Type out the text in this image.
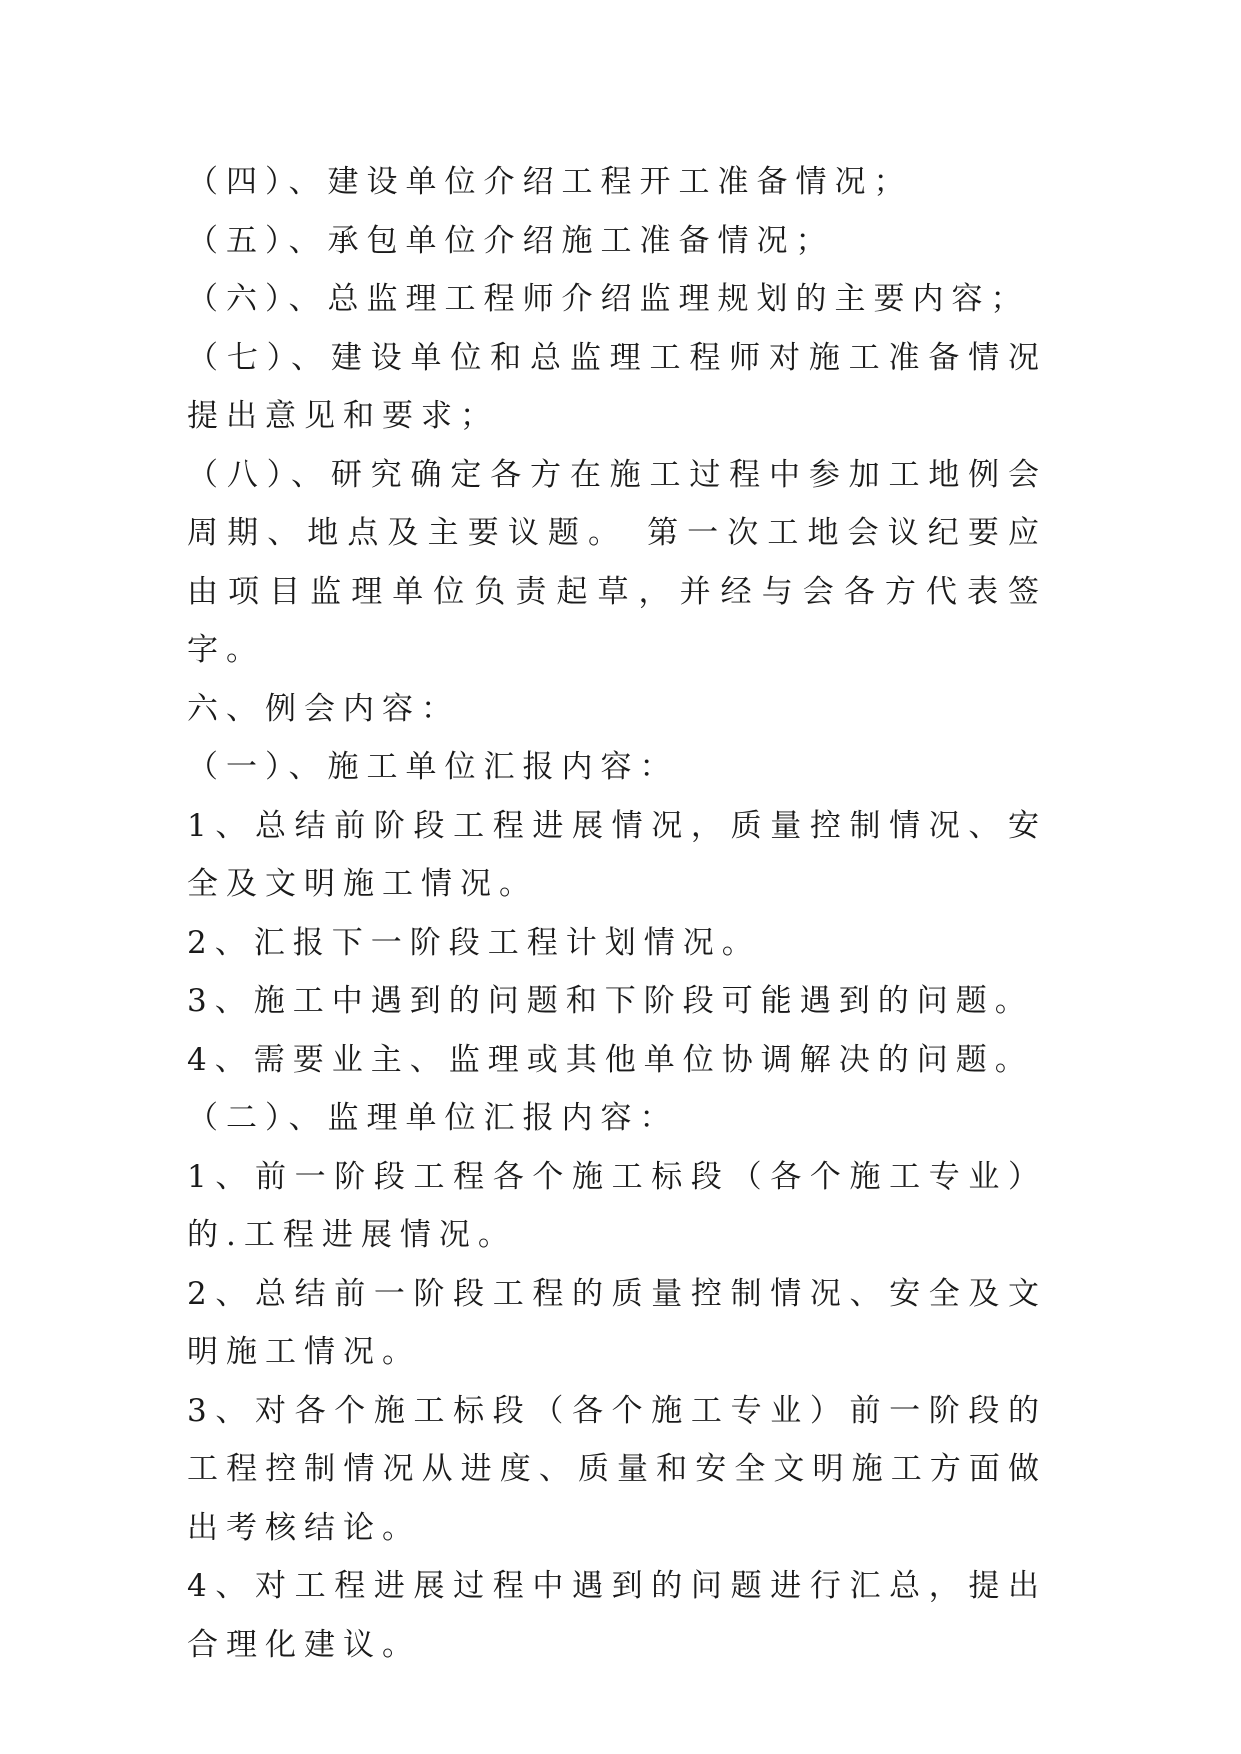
（四）、建设单位介绍工程开工准备情况；

（五）、承包单位介绍施工准备情况；

（六）、总监理工程师介绍监理规划的主要内容；

（七）、建设单位和总监理工程师对施工准备情况提出意见和要求；

（八）、研究确定各方在施工过程中参加工地例会周期、地点及主要议题。 第一次工地会议纪要应由项目监理单位负责起草，并经与会各方代表签字。

六、例会内容：

（一）、施工单位汇报内容：

1、总结前阶段工程进展情况，质量控制情况、安全及文明施工情况。

2、汇报下一阶段工程计划情况。

3、施工中遇到的问题和下阶段可能遇到的问题。

4、需要业主、监理或其他单位协调解决的问题。

（二）、监理单位汇报内容：

1、前一阶段工程各个施工标段（各个施工专业）的.工程进展情况。

2、总结前一阶段工程的质量控制情况、安全及文明施工情况。

3、对各个施工标段（各个施工专业）前一阶段的工程控制情况从进度、质量和安全文明施工方面做出考核结论。

4、对工程进展过程中遇到的问题进行汇总，提出合理化建议。
